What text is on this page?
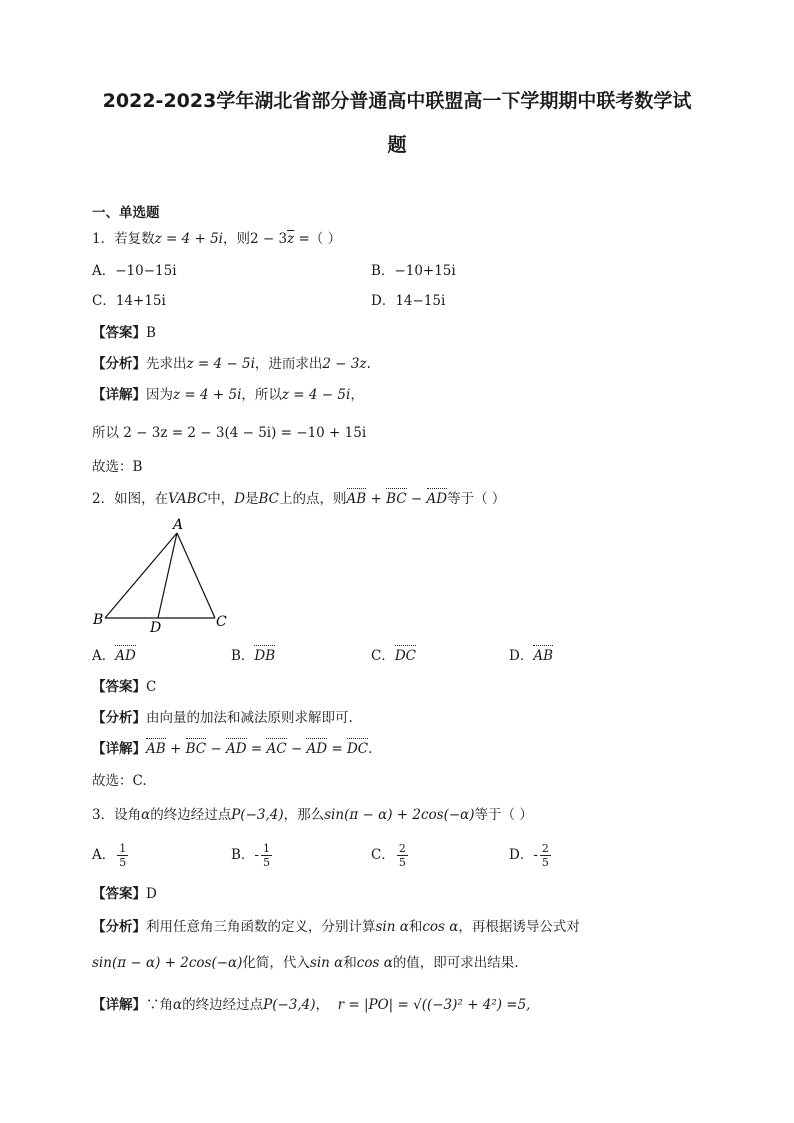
2022-2023学年湖北省部分普通高中联盟高一下学期期中联考数学试
题
一、单选题
1．若复数z = 4 + 5i，则$2 - 3\overline{z}$ =（ ）
A．−10−15i	B．−10+15i
C．14+15i	D．14−15i
【答案】B
【分析】先求出z = 4 − 5i，进而求出2 − 3z.
【详解】因为z = 4 + 5i，所以z = 4 − 5i，
所以 2 − 3z = 2 − 3(4 − 5i) = −10 + 15i
故选：B
2．如图，在VABC中，D是BC上的点，则AB + BC − AD等于（ ）
A
B	C
D
A．AD	B．DB	C．DC	D．AB
【答案】C
【分析】由向量的加法和减法原则求解即可.
【详解】AB + BC − AD = AC − AD = DC.
故选：C.
3．设角α的终边经过点P(−3,4)，那么sin(π − α) + 2cos(−α)等于（ ）
A． $\frac{1}{5}$	B．- $\frac{1}{5}$	C． $\frac{2}{5}$	D．- $\frac{2}{5}$
【答案】D
【分析】利用任意角三角函数的定义，分别计算sin α和cos α，再根据诱导公式对
sin(π − α) + 2cos(−α)化简，代入sin α和cos α的值，即可求出结果.
【详解】∵角α的终边经过点P(−3,4)，  r = |PO| = √((−3)² + 4²) =5,
